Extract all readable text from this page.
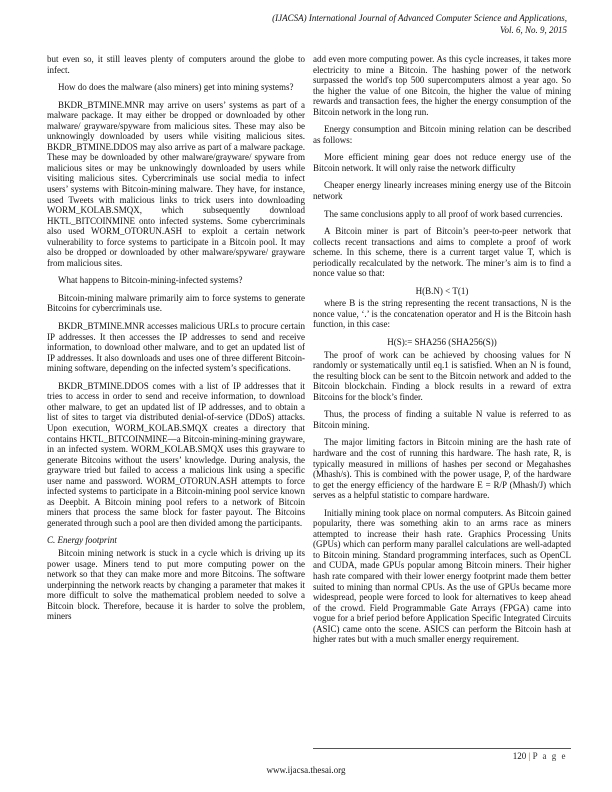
(IJACSA) International Journal of Advanced Computer Science and Applications,
Vol. 6, No. 9, 2015

but even so, it still leaves plenty of computers around the globe to infect.

How do does the malware (also miners) get into mining systems?

BKDR_BTMINE.MNR may arrive on users’ systems as part of a malware package. It may either be dropped or downloaded by other malware/ grayware/spyware from malicious sites. These may also be unknowingly downloaded by users while visiting malicious sites. BKDR_BTMINE.DDOS may also arrive as part of a malware package. These may be downloaded by other malware/grayware/ spyware from malicious sites or may be unknowingly downloaded by users while visiting malicious sites. Cybercriminals use social media to infect users’ systems with Bitcoin-mining malware. They have, for instance, used Tweets with malicious links to trick users into downloading WORM_KOLAB.SMQX, which subsequently download HKTL_BITCOINMINE onto infected systems. Some cybercriminals also used WORM_OTORUN.ASH to exploit a certain network vulnerability to force systems to participate in a Bitcoin pool. It may also be dropped or downloaded by other malware/spyware/ grayware from malicious sites.

What happens to Bitcoin-mining-infected systems?

Bitcoin-mining malware primarily aim to force systems to generate Bitcoins for cybercriminals use.

BKDR_BTMINE.MNR accesses malicious URLs to procure certain IP addresses. It then accesses the IP addresses to send and receive information, to download other malware, and to get an updated list of IP addresses. It also downloads and uses one of three different Bitcoin-mining software, depending on the infected system’s specifications.

BKDR_BTMINE.DDOS comes with a list of IP addresses that it tries to access in order to send and receive information, to download other malware, to get an updated list of IP addresses, and to obtain a list of sites to target via distributed denial-of-service (DDoS) attacks. Upon execution, WORM_KOLAB.SMQX creates a directory that contains HKTL_BITCOINMINE—a Bitcoin-mining-mining grayware, in an infected system. WORM_KOLAB.SMQX uses this grayware to generate Bitcoins without the users’ knowledge. During analysis, the grayware tried but failed to access a malicious link using a specific user name and password. WORM_OTORUN.ASH attempts to force infected systems to participate in a Bitcoin-mining pool service known as Deepbit. A Bitcoin mining pool refers to a network of Bitcoin miners that process the same block for faster payout. The Bitcoins generated through such a pool are then divided among the participants.

C. Energy footprint

Bitcoin mining network is stuck in a cycle which is driving up its power usage. Miners tend to put more computing power on the network so that they can make more and more Bitcoins. The software underpinning the network reacts by changing a parameter that makes it more difficult to solve the mathematical problem needed to solve a Bitcoin block. Therefore, because it is harder to solve the problem, miners

add even more computing power. As this cycle increases, it takes more electricity to mine a Bitcoin. The hashing power of the network surpassed the world's top 500 supercomputers almost a year ago. So the higher the value of one Bitcoin, the higher the value of mining rewards and transaction fees, the higher the energy consumption of the Bitcoin network in the long run.

Energy consumption and Bitcoin mining relation can be described as follows:

More efficient mining gear does not reduce energy use of the Bitcoin network. It will only raise the network difficulty

Cheaper energy linearly increases mining energy use of the Bitcoin network

The same conclusions apply to all proof of work based currencies.

A Bitcoin miner is part of Bitcoin’s peer-to-peer network that collects recent transactions and aims to complete a proof of work scheme. In this scheme, there is a current target value T, which is periodically recalculated by the network. The miner’s aim is to find a nonce value so that:

H(B.N) < T(1)

where B is the string representing the recent transactions, N is the nonce value, ‘.’ is the concatenation operator and H is the Bitcoin hash function, in this case:

H(S):= SHA256 (SHA256(S))

The proof of work can be achieved by choosing values for N randomly or systematically until eq.1 is satisfied. When an N is found, the resulting block can be sent to the Bitcoin network and added to the Bitcoin blockchain. Finding a block results in a reward of extra Bitcoins for the block’s finder.

Thus, the process of finding a suitable N value is referred to as Bitcoin mining.

The major limiting factors in Bitcoin mining are the hash rate of hardware and the cost of running this hardware. The hash rate, R, is typically measured in millions of hashes per second or Megahashes (Mhash/s). This is combined with the power usage, P, of the hardware to get the energy efficiency of the hardware E = R/P (Mhash/J) which serves as a helpful statistic to compare hardware.

Initially mining took place on normal computers. As Bitcoin gained popularity, there was something akin to an arms race as miners attempted to increase their hash rate. Graphics Processing Units (GPUs) which can perform many parallel calculations are well-adapted to Bitcoin mining. Standard programming interfaces, such as OpenCL and CUDA, made GPUs popular among Bitcoin miners. Their higher hash rate compared with their lower energy footprint made them better suited to mining than normal CPUs. As the use of GPUs became more widespread, people were forced to look for alternatives to keep ahead of the crowd. Field Programmable Gate Arrays (FPGA) came into vogue for a brief period before Application Specific Integrated Circuits (ASIC) came onto the scene. ASICS can perform the Bitcoin hash at higher rates but with a much smaller energy requirement.

120 | P a g e
www.ijacsa.thesai.org
